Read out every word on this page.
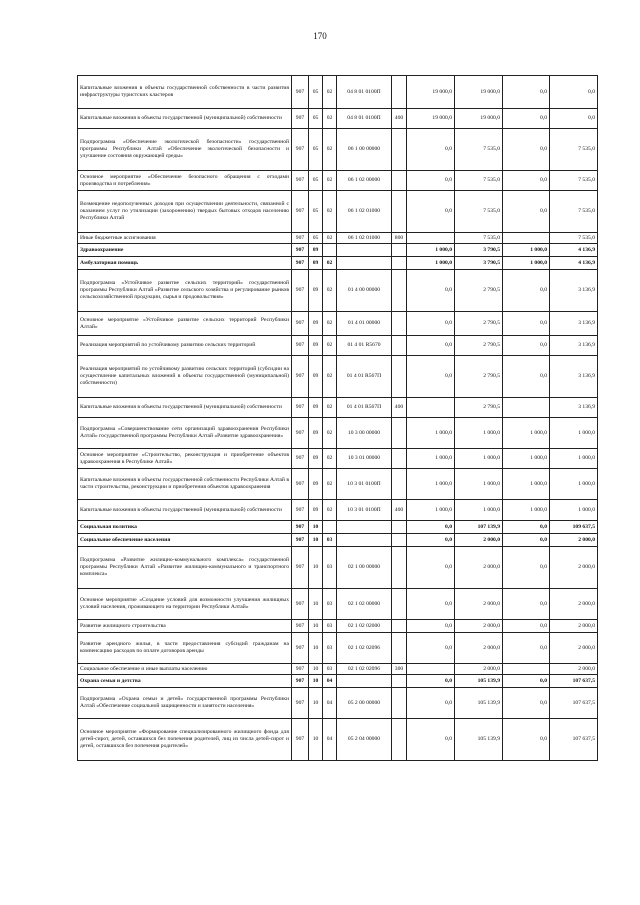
170
Капитальные вложения в объекты государственной собственности в части развития инфраструктуры туристских кластеров	907	05	02	04 8 01 0100П		19 000,0	19 000,0	0,0	0,0
Капитальные вложения в объекты государственной (муниципальной) собственности	907	05	02	04 8 01 0100П	400	19 000,0	19 000,0	0,0	0,0
Подпрограмма «Обеспечение экологической безопасности» государственной программы Республики Алтай «Обеспечение экологической безопасности и улучшение состояния окружающей среды»	907	05	02	06 1 00 00000		0,0	7 535,0	0,0	7 535,0
Основное мероприятие «Обеспечение безопасного обращения с отходами производства и потребления»	907	05	02	06 1 02 00000		0,0	7 535,0	0,0	7 535,0
Возмещение недополученных доходов при осуществлении деятельности, связанной с оказанием услуг по утилизации (захоронению) твердых бытовых отходов населению Республики Алтай	907	05	02	06 1 02 01000		0,0	7 535,0	0,0	7 535,0
Иные бюджетные ассигнования	907	05	02	06 1 02 01000	800		7 535,0		7 535,0
Здравоохранение	907	09				1 000,0	3 790,5	1 000,0	4 136,9
Амбулаторная помощь	907	09	02			1 000,0	3 790,5	1 000,0	4 136,9
Подпрограмма «Устойчивое развитие сельских территорий» государственной программы Республики Алтай «Развитие сельского хозяйства и регулирование рынков сельскохозяйственной продукции, сырья и продовольствия»	907	09	02	01 4 00 00000		0,0	2 790,5	0,0	3 136,9
Основное мероприятие «Устойчивое развитие сельских территорий Республики Алтай»	907	09	02	01 4 01 00000		0,0	2 790,5	0,0	3 136,9
Реализация мероприятий по устойчивому развитию сельских территорий	907	09	02	01 4 01 R5670		0,0	2 790,5	0,0	3 136,9
Реализация мероприятий по устойчивому развитию сельских территорий (субсидии на осуществление капитальных вложений в объекты государственной (муниципальной) собственности)	907	09	02	01 4 01 R567П		0,0	2 790,5	0,0	3 136,9
Капитальные вложения в объекты государственной (муниципальной) собственности	907	09	02	01 4 01 R567П	400		2 790,5		3 136,9
Подпрограмма «Совершенствование сети организаций здравоохранения Республики Алтай» государственной программы Республики Алтай «Развитие здравоохранения»	907	09	02	10 3 00 00000		1 000,0	1 000,0	1 000,0	1 000,0
Основное мероприятие «Строительство, реконструкция и приобретение объектов здравоохранения в Республике Алтай»	907	09	02	10 3 01 00000		1 000,0	1 000,0	1 000,0	1 000,0
Капитальные вложения в объекты государственной собственности Республики Алтай в части строительства, реконструкции и приобретения объектов здравоохранения	907	09	02	10 3 01 0100П		1 000,0	1 000,0	1 000,0	1 000,0
Капитальные вложения в объекты государственной (муниципальной) собственности	907	09	02	10 3 01 0100П	400	1 000,0	1 000,0	1 000,0	1 000,0
Социальная политика	907	10				0,0	107 139,9	0,0	109 637,5
Социальное обеспечение населения	907	10	03			0,0	2 000,0	0,0	2 000,0
Подпрограмма «Развитие жилищно-коммунального комплекса» государственной программы Республики Алтай «Развитие жилищно-коммунального и транспортного комплекса»	907	10	03	02 1 00 00000		0,0	2 000,0	0,0	2 000,0
Основное мероприятие «Создание условий для возможности улучшения жилищных условий населения, проживающего на территории Республики Алтай»	907	10	03	02 1 02 00000		0,0	2 000,0	0,0	2 000,0
Развитие жилищного строительства	907	10	03	02 1 02 02000		0,0	2 000,0	0,0	2 000,0
Развитие арендного жилья, в части предоставления субсидий гражданам на компенсацию расходов по оплате договоров аренды	907	10	03	02 1 02 02096		0,0	2 000,0	0,0	2 000,0
Социальное обеспечение и иные выплаты населению	907	10	03	02 1 02 02096	300		2 000,0		2 000,0
Охрана семьи и детства	907	10	04			0,0	105 139,9	0,0	107 637,5
Подпрограмма «Охрана семьи и детей» государственной программы Республики Алтай «Обеспечение социальной защищенности и занятости населения»	907	10	04	05 2 00 00000		0,0	105 139,9	0,0	107 637,5
Основное мероприятие «Формирование специализированного жилищного фонда для детей-сирот, детей, оставшихся без попечения родителей, лиц из числа детей-сирот и детей, оставшихся без попечения родителей»	907	10	04	05 2 04 00000		0,0	105 139,9	0,0	107 637,5
